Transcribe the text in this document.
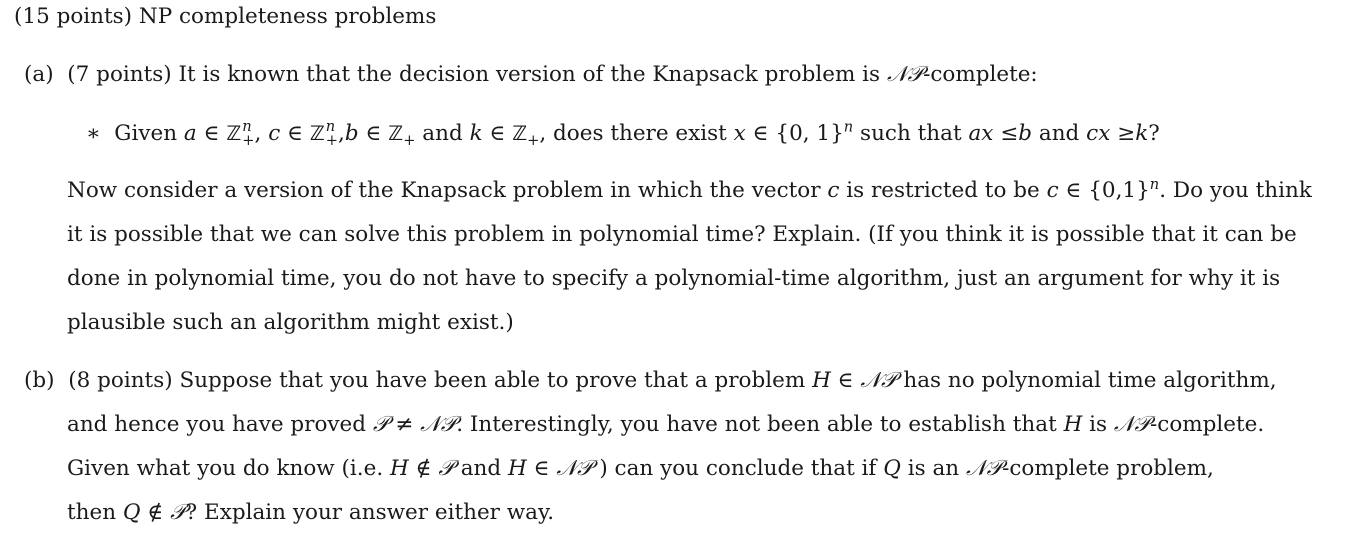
(15 points) NP completeness problems
(a) (7 points) It is known that the decision version of the Knapsack problem is 𝒩𝒫-complete:
∗ Given a ∈ ℤ n
+ , c ∈ ℤ n
+ ,b ∈ ℤ$_+$ and k ∈ ℤ$_+$, does there exist x ∈ {0, 1}$^n$ such that ax ≤b and cx ≥k?
Now consider a version of the Knapsack problem in which the vector c is restricted to be c ∈ $\{0,1\}^n$. Do you think
it is possible that we can solve this problem in polynomial time? Explain. (If you think it is possible that it can be
done in polynomial time, you do not have to specify a polynomial-time algorithm, just an argument for why it is
plausible such an algorithm might exist.)
(b) (8 points) Suppose that you have been able to prove that a problem H ∈ 𝒩𝒫 has no polynomial time algorithm,
and hence you have proved 𝒫 ≠ 𝒩𝒫. Interestingly, you have not been able to establish that H is 𝒩𝒫-complete.
Given what you do know (i.e. H ∉ 𝒫 and H ∈ 𝒩𝒫 ) can you conclude that if Q is an 𝒩𝒫-complete problem,
then Q ∉ 𝒫? Explain your answer either way.
